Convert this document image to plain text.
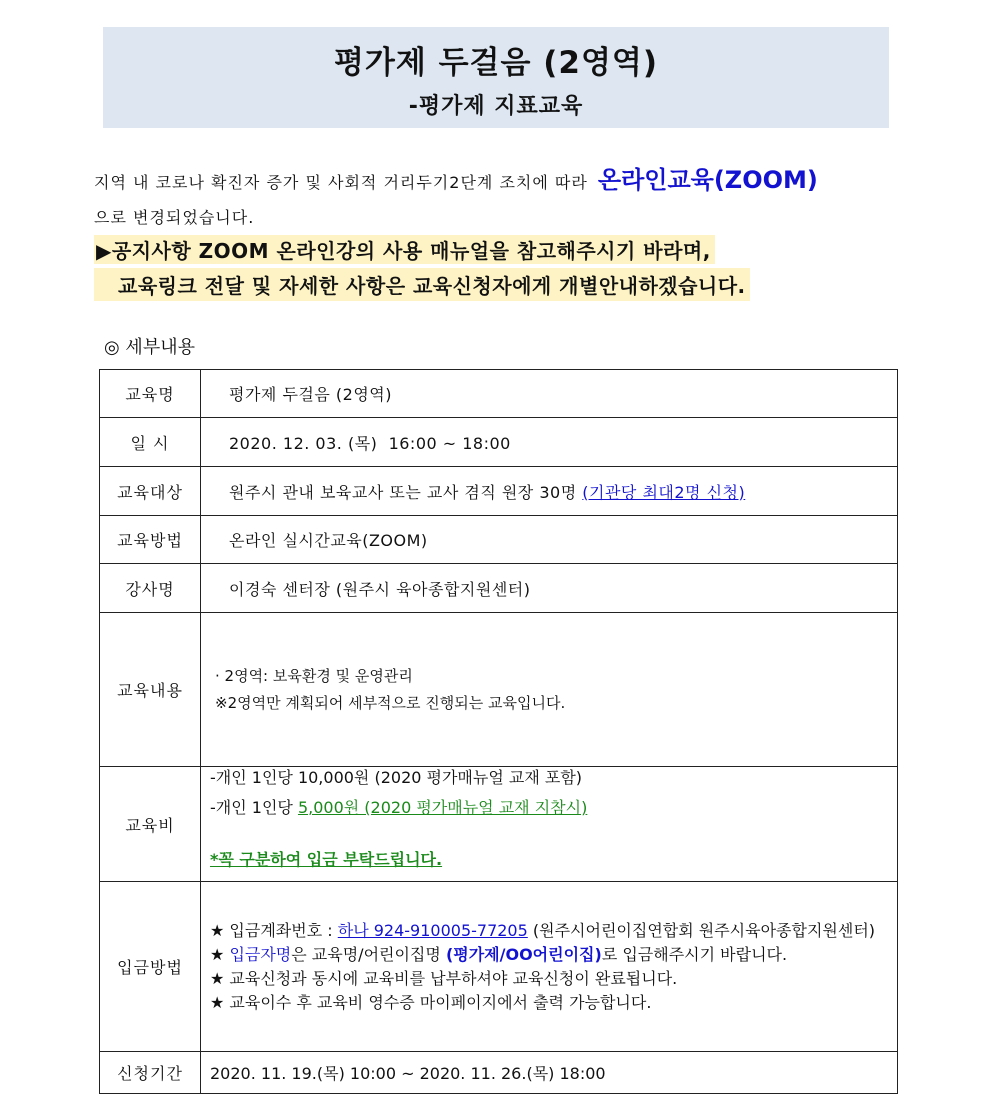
평가제 두걸음 (2영역)
-평가제 지표교육
지역 내 코로나 확진자 증가 및 사회적 거리두기2단계 조치에 따라 온라인교육(ZOOM)
으로 변경되었습니다.
▶공지사항 ZOOM 온라인강의 사용 매뉴얼을 참고해주시기 바라며,
교육링크 전달 및 자세한 사항은 교육신청자에게 개별안내하겠습니다.
◎ 세부내용
교육명	평가제 두걸음 (2영역)
일 시	2020. 12. 03. (목)  16:00 ~ 18:00
교육대상	원주시 관내 보육교사 또는 교사 겸직 원장 30명 (기관당 최대2명 신청)
교육방법	온라인 실시간교육(ZOOM)
강사명	이경숙 센터장 (원주시 육아종합지원센터)
교육내용	· 2영역: 보육환경 및 운영관리
※2영역만 계획되어 세부적으로 진행되는 교육입니다.

교육비	-개인 1인당 10,000원 (2020 평가매뉴얼 교재 포함)
-개인 1인당 5,000원 (2020 평가매뉴얼 교재 지참시)
*꼭 구분하여 입금 부탁드립니다.

입금방법	★ 입금계좌번호 : 하나 924-910005-77205 (원주시어린이집연합회 원주시육아종합지원센터)
★ 입금자명은 교육명/어린이집명 (평가제/OO어린이집)로 입금해주시기 바랍니다.
★ 교육신청과 동시에 교육비를 납부하셔야 교육신청이 완료됩니다.
★ 교육이수 후 교육비 영수증 마이페이지에서 출력 가능합니다.

신청기간	2020. 11. 19.(목) 10:00 ~ 2020. 11. 26.(목) 18:00
